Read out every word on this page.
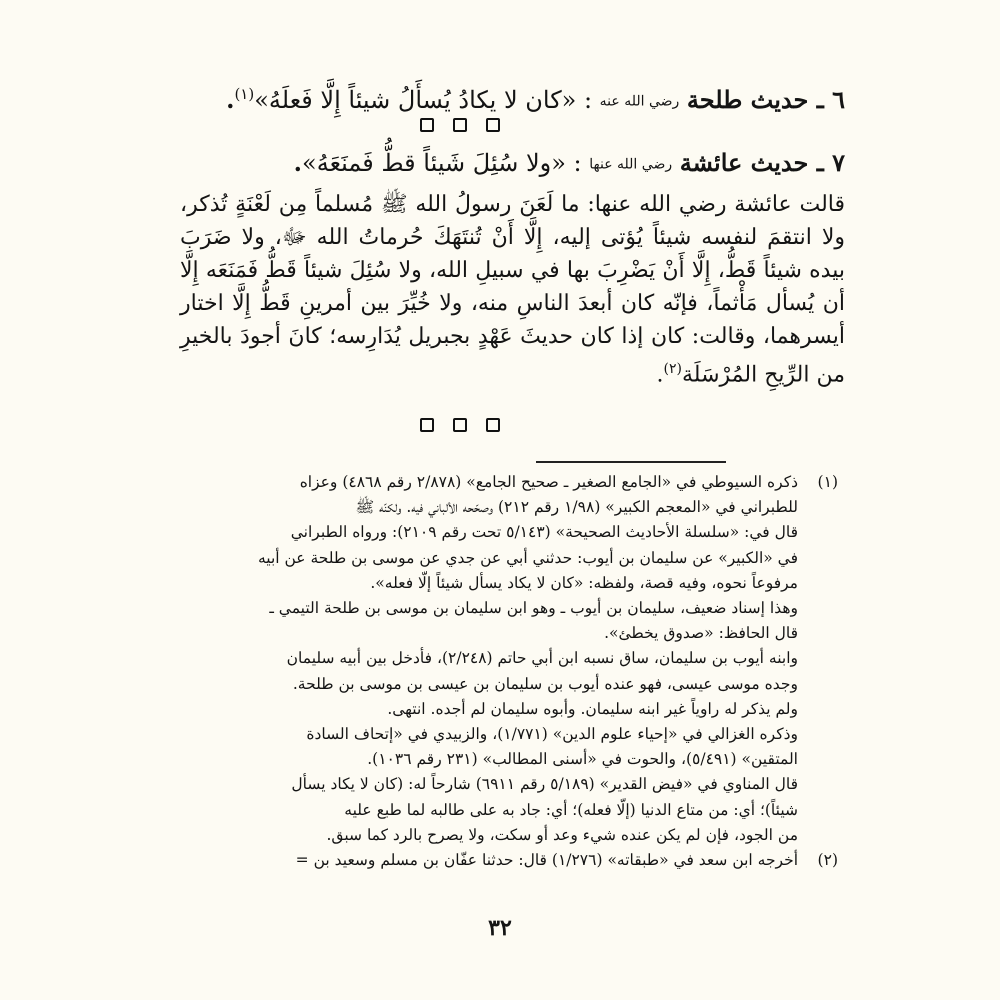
٦ ـ حديث طلحة رضي الله عنه : «كان لا يكادُ يُسأَلُ شيئاً إِلَّا فَعلَهُ»$^{(١)}$.
٧ ـ حديث عائشة رضي الله عنها : «ولا سُئِلَ شَيئاً قطُّ فَمنَعَهُ».

قالت عائشة رضي الله عنها: ما لَعَنَ رسولُ الله ﷺ مُسلماً مِن لَعْنَةٍ تُذكر، ولا انتقمَ لنفسه شيئاً يُؤتى إليه، إِلَّا أَنْ تُنتَهَكَ حُرماتُ الله ﷻ، ولا ضَرَبَ بيده شيئاً قَطُّ، إِلَّا أَنْ يَضْرِبَ بها في سبيلِ الله، ولا سُئِلَ شيئاً قَطُّ فَمَنَعَه إِلَّا أن يُسأل مَأْثماً، فإنّه كان أبعدَ الناسِ منه، ولا خُيِّرَ بين أمرينِ قَطُّ إِلَّا اختار أيسرهما، وقالت: كان إذا كان حديثَ عَهْدٍ بجبريل يُدَارِسه؛ كانَ أجودَ بالخيرِ من الرِّيحِ المُرْسَلَة$^{(٢)}$.

(١)
ذكره السيوطي في «الجامع الصغير ـ صحيح الجامع» (٢/٨٧٨ رقم ٤٨٦٨) وعزاه
للطبراني في «المعجم الكبير» (١/٩٨ رقم ٢١٢) وصحّحه الألباني فيه. ولكنّه ﷺ
قال في: «سلسلة الأحاديث الصحيحة» (٥/١٤٣ تحت رقم ٢١٠٩): ورواه الطبراني
في «الكبير» عن سليمان بن أيوب: حدثني أبي عن جدي عن موسى بن طلحة عن أبيه
مرفوعاً نحوه، وفيه قصة، ولفظه: «كان لا يكاد يسأل شيئاً إلّا فعله».
وهذا إسناد ضعيف، سليمان بن أيوب ـ وهو ابن سليمان بن موسى بن طلحة التيمي ـ
قال الحافظ: «صدوق يخطئ».
وابنه أيوب بن سليمان، ساق نسبه ابن أبي حاتم (٢/٢٤٨)، فأدخل بين أبيه سليمان
وجده موسى عيسى، فهو عنده أيوب بن سليمان بن عيسى بن موسى بن طلحة.
ولم يذكر له راوياً غير ابنه سليمان. وأبوه سليمان لم أجده. انتهى.
وذكره الغزالي في «إحياء علوم الدين» (١/٧٧١)، والزبيدي في «إتحاف السادة
المتقين» (٥/٤٩١)، والحوت في «أسنى المطالب» (٢٣١ رقم ١٠٣٦).
قال المناوي في «فيض القدير» (٥/١٨٩ رقم ٦٩١١) شارحاً له: (كان لا يكاد يسأل
شيئاً)؛ أي: من متاع الدنيا (إلّا فعله)؛ أي: جاد به على طالبه لما طبع عليه
من الجود، فإن لم يكن عنده شيء وعد أو سكت، ولا يصرح بالرد كما سبق.
(٢)
أخرجه ابن سعد في «طبقاته» (١/٢٧٦) قال: حدثنا عفّان بن مسلم وسعيد بن =
٣٢
